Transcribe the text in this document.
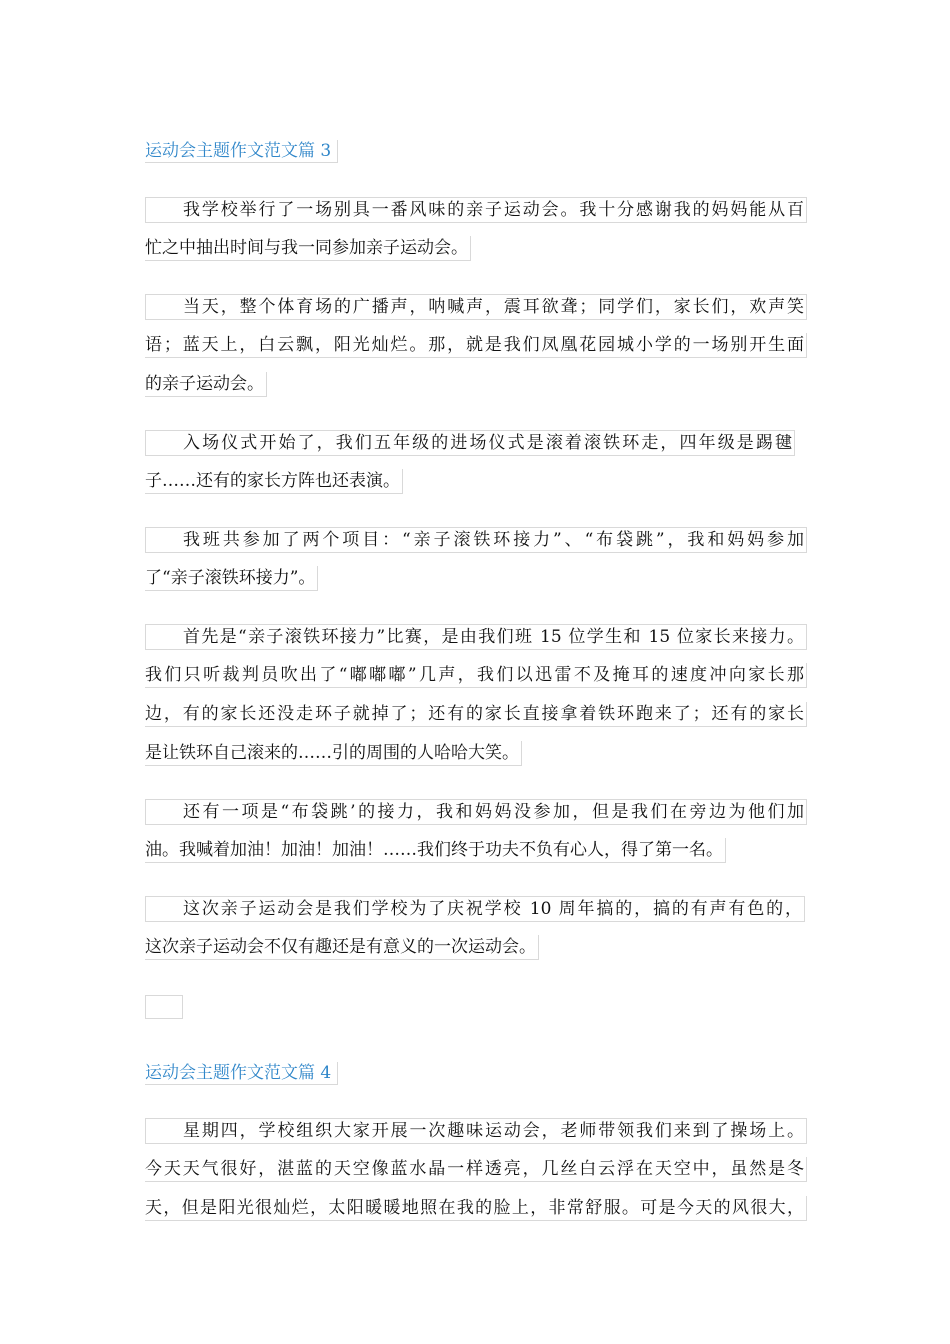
运动会主题作文范文篇 3
我学校举行了一场别具一番风味的亲子运动会。我十分感谢我的妈妈能从百
忙之中抽出时间与我一同参加亲子运动会。
当天，整个体育场的广播声，呐喊声，震耳欲聋；同学们，家长们，欢声笑
语；蓝天上，白云飘，阳光灿烂。那，就是我们凤凰花园城小学的一场别开生面
的亲子运动会。
入场仪式开始了，我们五年级的进场仪式是滚着滚铁环走，四年级是踢毽
子……还有的家长方阵也还表演。
我班共参加了两个项目：“亲子滚铁环接力”、“布袋跳”，我和妈妈参加
了“亲子滚铁环接力”。
首先是“亲子滚铁环接力”比赛，是由我们班 15 位学生和 15 位家长来接力。
我们只听裁判员吹出了“嘟嘟嘟”几声，我们以迅雷不及掩耳的速度冲向家长那
边，有的家长还没走环子就掉了；还有的家长直接拿着铁环跑来了；还有的家长
是让铁环自己滚来的……引的周围的人哈哈大笑。
还有一项是“布袋跳’的接力，我和妈妈没参加，但是我们在旁边为他们加
油。我喊着加油！加油！加油！……我们终于功夫不负有心人，得了第一名。
这次亲子运动会是我们学校为了庆祝学校 10 周年搞的，搞的有声有色的，
这次亲子运动会不仅有趣还是有意义的一次运动会。
运动会主题作文范文篇 4
星期四，学校组织大家开展一次趣味运动会，老师带领我们来到了操场上。
今天天气很好，湛蓝的天空像蓝水晶一样透亮，几丝白云浮在天空中，虽然是冬
天，但是阳光很灿烂，太阳暖暖地照在我的脸上，非常舒服。可是今天的风很大，
